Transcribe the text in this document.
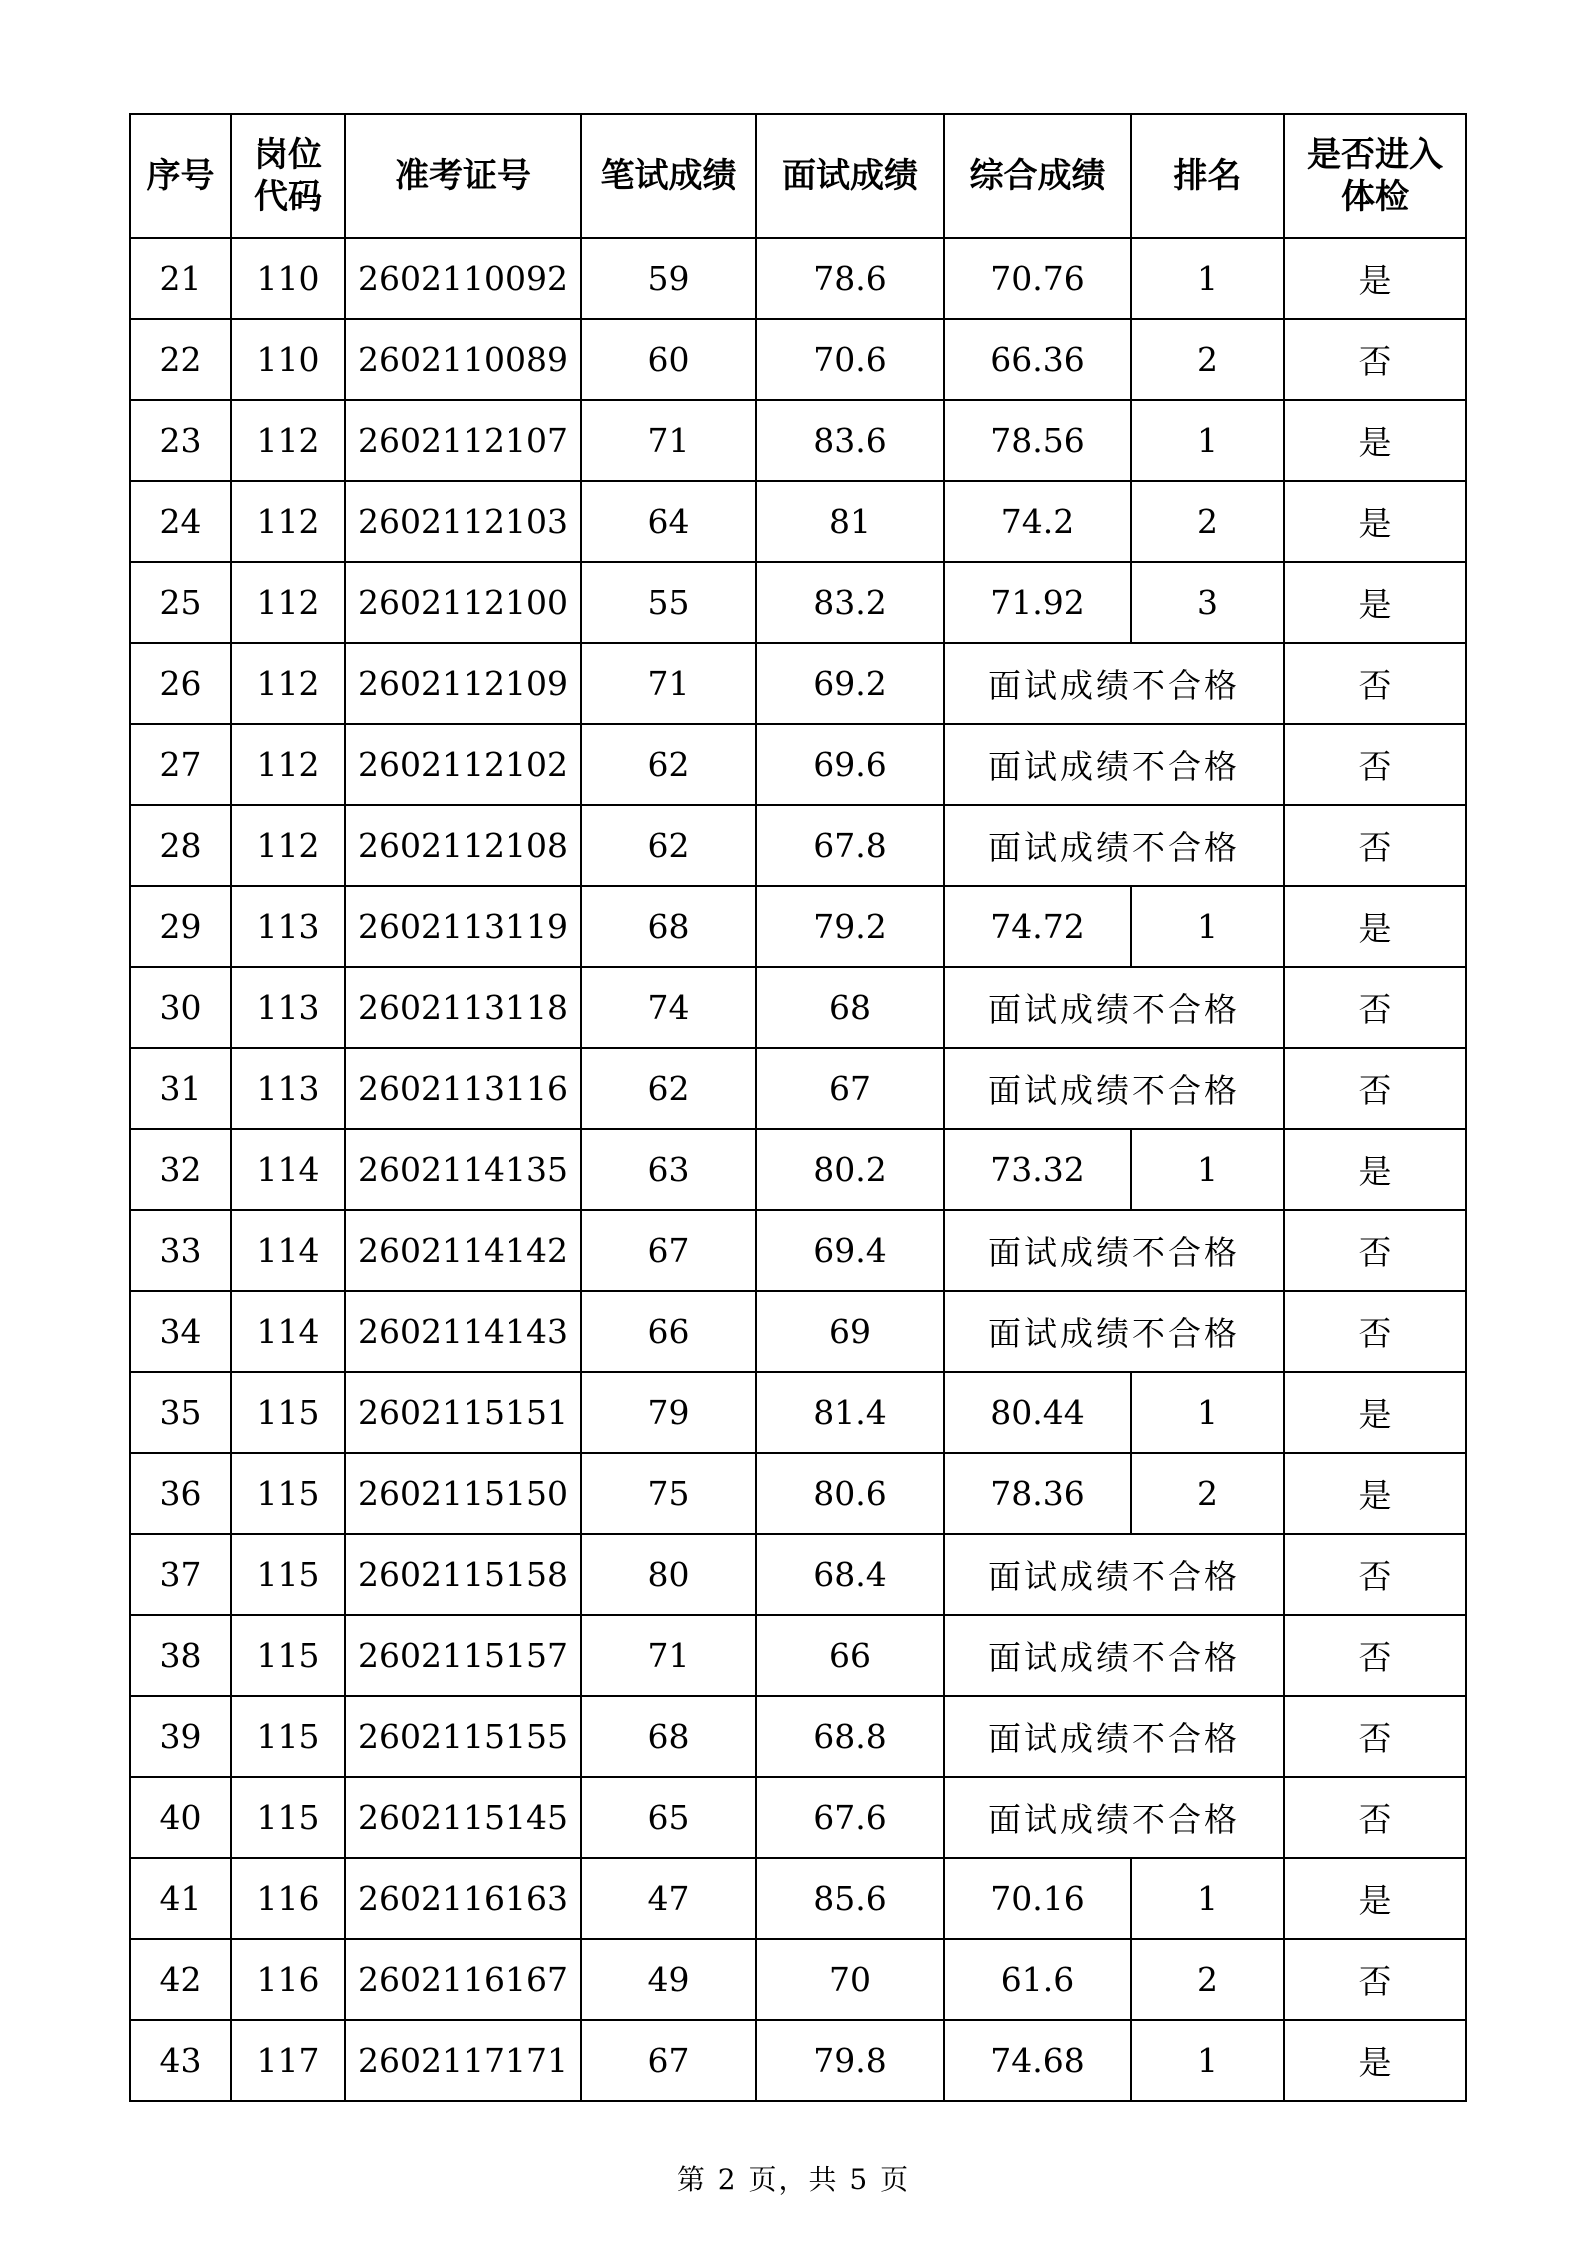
序号	岗位代码	准考证号	笔试成绩	面试成绩	综合成绩	排名	是否进入体检
21	110	2602110092	59	78.6	70.76	1	是
22	110	2602110089	60	70.6	66.36	2	否
23	112	2602112107	71	83.6	78.56	1	是
24	112	2602112103	64	81	74.2	2	是
25	112	2602112100	55	83.2	71.92	3	是
26	112	2602112109	71	69.2	面试成绩不合格		否
27	112	2602112102	62	69.6	面试成绩不合格		否
28	112	2602112108	62	67.8	面试成绩不合格		否
29	113	2602113119	68	79.2	74.72	1	是
30	113	2602113118	74	68	面试成绩不合格		否
31	113	2602113116	62	67	面试成绩不合格		否
32	114	2602114135	63	80.2	73.32	1	是
33	114	2602114142	67	69.4	面试成绩不合格		否
34	114	2602114143	66	69	面试成绩不合格		否
35	115	2602115151	79	81.4	80.44	1	是
36	115	2602115150	75	80.6	78.36	2	是
37	115	2602115158	80	68.4	面试成绩不合格		否
38	115	2602115157	71	66	面试成绩不合格		否
39	115	2602115155	68	68.8	面试成绩不合格		否
40	115	2602115145	65	67.6	面试成绩不合格		否
41	116	2602116163	47	85.6	70.16	1	是
42	116	2602116167	49	70	61.6	2	否
43	117	2602117171	67	79.8	74.68	1	是
第 2 页，共 5 页
